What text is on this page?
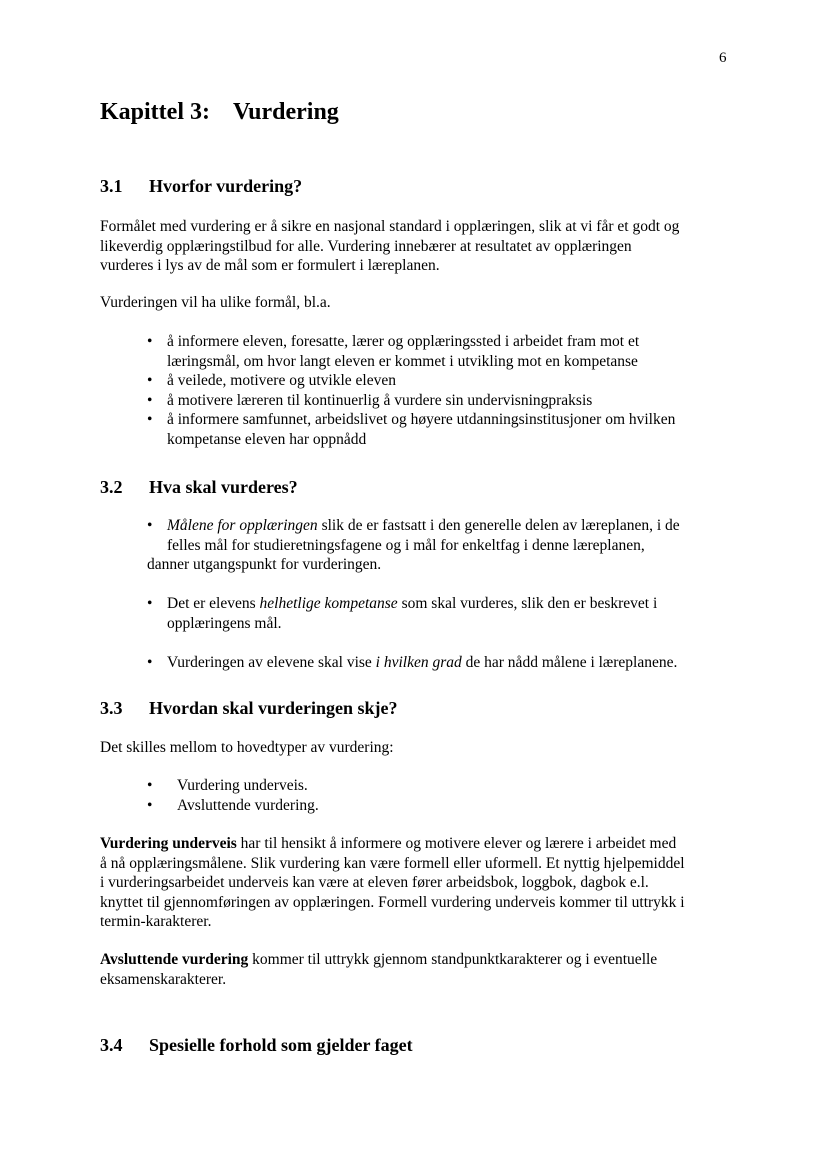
6
Kapittel 3: Vurdering
3.1 Hvorfor vurdering?

Formålet med vurdering er å sikre en nasjonal standard i opplæringen, slik at vi får et godt og
likeverdig opplæringstilbud for alle. Vurdering innebærer at resultatet av opplæringen
vurderes i lys av de mål som er formulert i læreplanen.

Vurderingen vil ha ulike formål, bl.a.

• å informere eleven, foresatte, lærer og opplæringssted i arbeidet fram mot et
læringsmål, om hvor langt eleven er kommet i utvikling mot en kompetanse
• å veilede, motivere og utvikle eleven
• å motivere læreren til kontinuerlig å vurdere sin undervisningpraksis
• å informere samfunnet, arbeidslivet og høyere utdanningsinstitusjoner om hvilken
kompetanse eleven har oppnådd
3.2 Hva skal vurderes?
• Målene for opplæringen slik de er fastsatt i den generelle delen av læreplanen, i de
felles mål for studieretningsfagene og i mål for enkeltfag i denne læreplanen,
danner utgangspunkt for vurderingen.
• Det er elevens helhetlige kompetanse som skal vurderes, slik den er beskrevet i
opplæringens mål.
• Vurderingen av elevene skal vise i hvilken grad de har nådd målene i læreplanene.
3.3 Hvordan skal vurderingen skje?

Det skilles mellom to hovedtyper av vurdering:

• Vurdering underveis.
• Avsluttende vurdering.

Vurdering underveis har til hensikt å informere og motivere elever og lærere i arbeidet med
å nå opplæringsmålene. Slik vurdering kan være formell eller uformell. Et nyttig hjelpemiddel
i vurderingsarbeidet underveis kan være at eleven fører arbeidsbok, loggbok, dagbok e.l.
knyttet til gjennomføringen av opplæringen. Formell vurdering underveis kommer til uttrykk i
termin-karakterer.

Avsluttende vurdering kommer til uttrykk gjennom standpunktkarakterer og i eventuelle
eksamenskarakterer.

3.4 Spesielle forhold som gjelder faget
